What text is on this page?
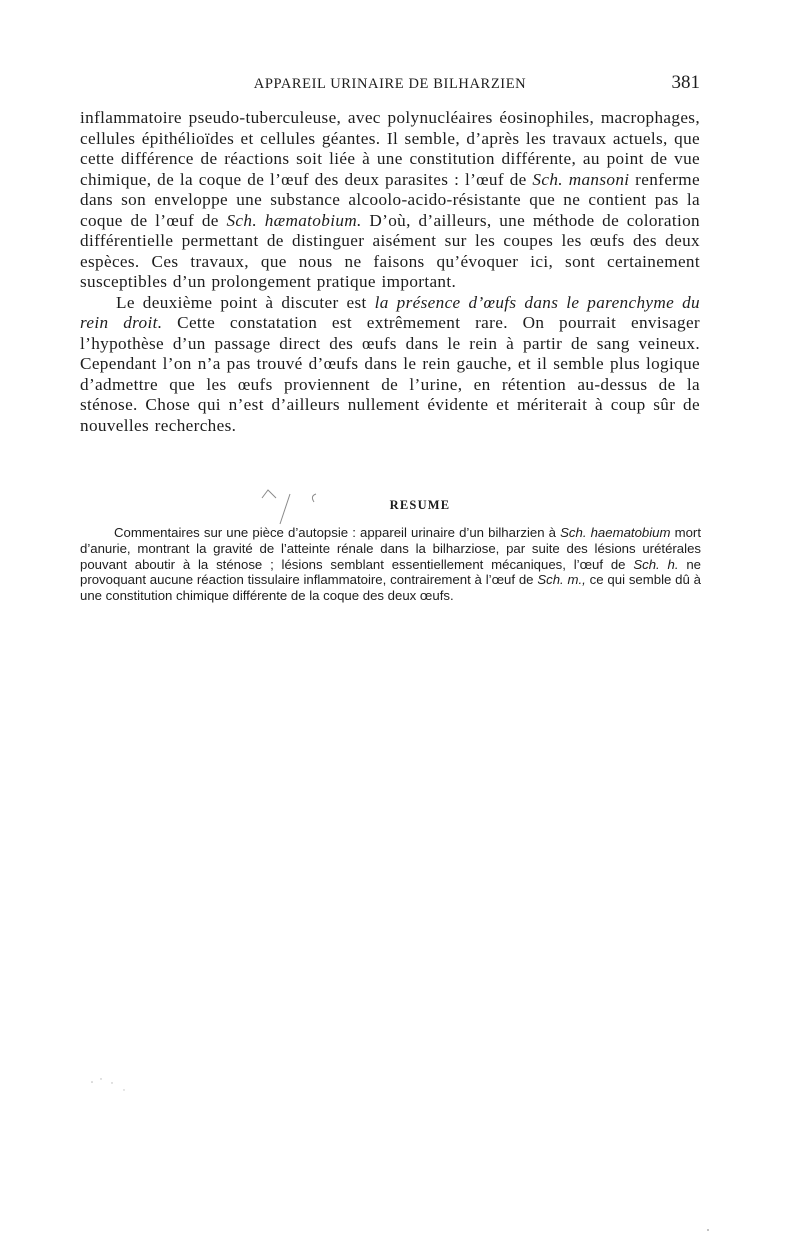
APPAREIL URINAIRE DE BILHARZIEN	381

inflammatoire pseudo-tuberculeuse, avec polynucléaires éosinophiles, macrophages, cellules épithélioïdes et cellules géantes. Il semble, d’après les travaux actuels, que cette différence de réactions soit liée à une constitution différente, au point de vue chimique, de la coque de l’œuf des deux parasites : l’œuf de Sch. mansoni renferme dans son enveloppe une substance alcoolo-acido-résistante que ne contient pas la coque de l’œuf de Sch. hæmatobium. D’où, d’ailleurs, une méthode de coloration différentielle permettant de distinguer aisément sur les coupes les œufs des deux espèces. Ces travaux, que nous ne faisons qu’évoquer ici, sont certainement susceptibles d’un prolongement pratique important.

Le deuxième point à discuter est la présence d’œufs dans le parenchyme du rein droit. Cette constatation est extrêmement rare. On pourrait envisager l’hypothèse d’un passage direct des œufs dans le rein à partir de sang veineux. Cependant l’on n’a pas trouvé d’œufs dans le rein gauche, et il semble plus logique d’admettre que les œufs proviennent de l’urine, en rétention au-dessus de la sténose. Chose qui n’est d’ailleurs nullement évidente et mériterait à coup sûr de nouvelles recherches.

RESUME

Commentaires sur une pièce d’autopsie : appareil urinaire d’un bilharzien à Sch. haematobium mort d’anurie, montrant la gravité de l’atteinte rénale dans la bilharziose, par suite des lésions urétérales pouvant aboutir à la sténose ; lésions semblant essentiellement mécaniques, l’œuf de Sch. h. ne provoquant aucune réaction tissulaire inflammatoire, contrairement à l’œuf de Sch. m., ce qui semble dû à une constitution chimique différente de la coque des deux œufs.
